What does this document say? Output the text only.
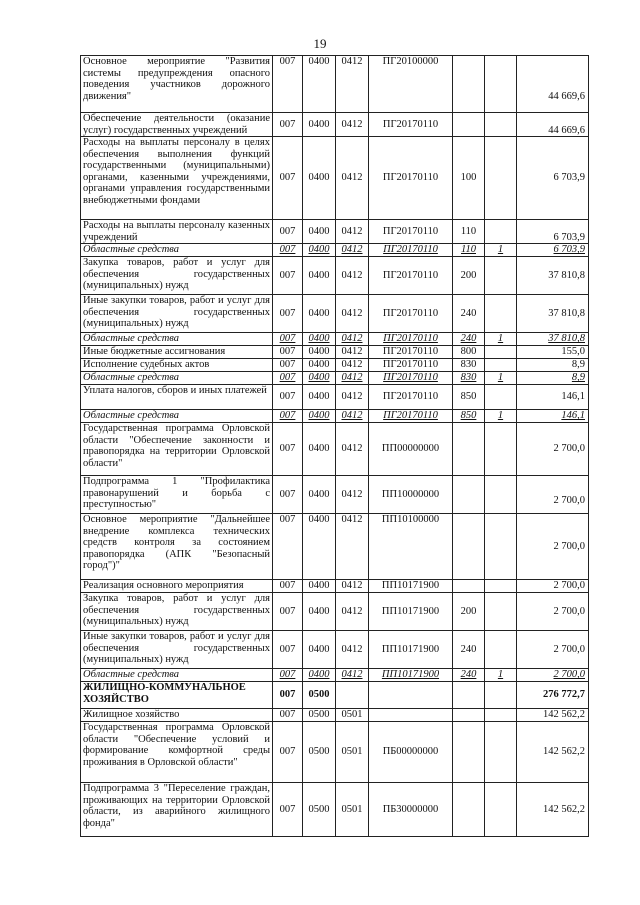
19
Основное мероприятие "Развития системы предупреждения опасного поведения участников дорожного движения"	007	0400	0412	ПГ20100000			44 669,6
Обеспечение деятельности (оказание услуг) государственных учреждений	007	0400	0412	ПГ20170110			44 669,6
Расходы на выплаты персоналу в целях обеспечения выполнения функций государственными (муниципальными) органами, казенными учреждениями, органами управления государственными внебюджетными фондами	007	0400	0412	ПГ20170110	100		6 703,9
Расходы на выплаты персоналу казенных учреждений	007	0400	0412	ПГ20170110	110		6 703,9
Областные средства	007	0400	0412	ПГ20170110	110	1	6 703,9
Закупка товаров, работ и услуг для обеспечения государственных (муниципальных) нужд	007	0400	0412	ПГ20170110	200		37 810,8
Иные закупки товаров, работ и услуг для обеспечения государственных (муниципальных) нужд	007	0400	0412	ПГ20170110	240		37 810,8
Областные средства	007	0400	0412	ПГ20170110	240	1	37 810,8
Иные бюджетные ассигнования	007	0400	0412	ПГ20170110	800		155,0
Исполнение судебных актов	007	0400	0412	ПГ20170110	830		8,9
Областные средства	007	0400	0412	ПГ20170110	830	1	8,9
Уплата налогов, сборов и иных платежей	007	0400	0412	ПГ20170110	850		146,1
Областные средства	007	0400	0412	ПГ20170110	850	1	146,1
Государственная программа Орловской области "Обеспечение законности и правопорядка на территории Орловской области"	007	0400	0412	ПП00000000			2 700,0
Подпрограмма 1 "Профилактика правонарушений и борьба с преступностью"	007	0400	0412	ПП10000000			2 700,0
Основное мероприятие "Дальнейшее внедрение комплекса технических средств контроля за состоянием правопорядка (АПК "Безопасный город")"	007	0400	0412	ПП10100000			2 700,0
Реализация основного мероприятия	007	0400	0412	ПП10171900			2 700,0
Закупка товаров, работ и услуг для обеспечения государственных (муниципальных) нужд	007	0400	0412	ПП10171900	200		2 700,0
Иные закупки товаров, работ и услуг для обеспечения государственных (муниципальных) нужд	007	0400	0412	ПП10171900	240		2 700,0
Областные средства	007	0400	0412	ПП10171900	240	1	2 700,0
ЖИЛИЩНО-КОММУНАЛЬНОЕ ХОЗЯЙСТВО	007	0500					276 772,7
Жилищное хозяйство	007	0500	0501				142 562,2
Государственная программа Орловской области "Обеспечение условий и формирование комфортной среды проживания в Орловской области"	007	0500	0501	ПБ00000000			142 562,2
Подпрограмма 3 "Переселение граждан, проживающих на территории Орловской области, из аварийного жилищного фонда"	007	0500	0501	ПБ30000000			142 562,2
